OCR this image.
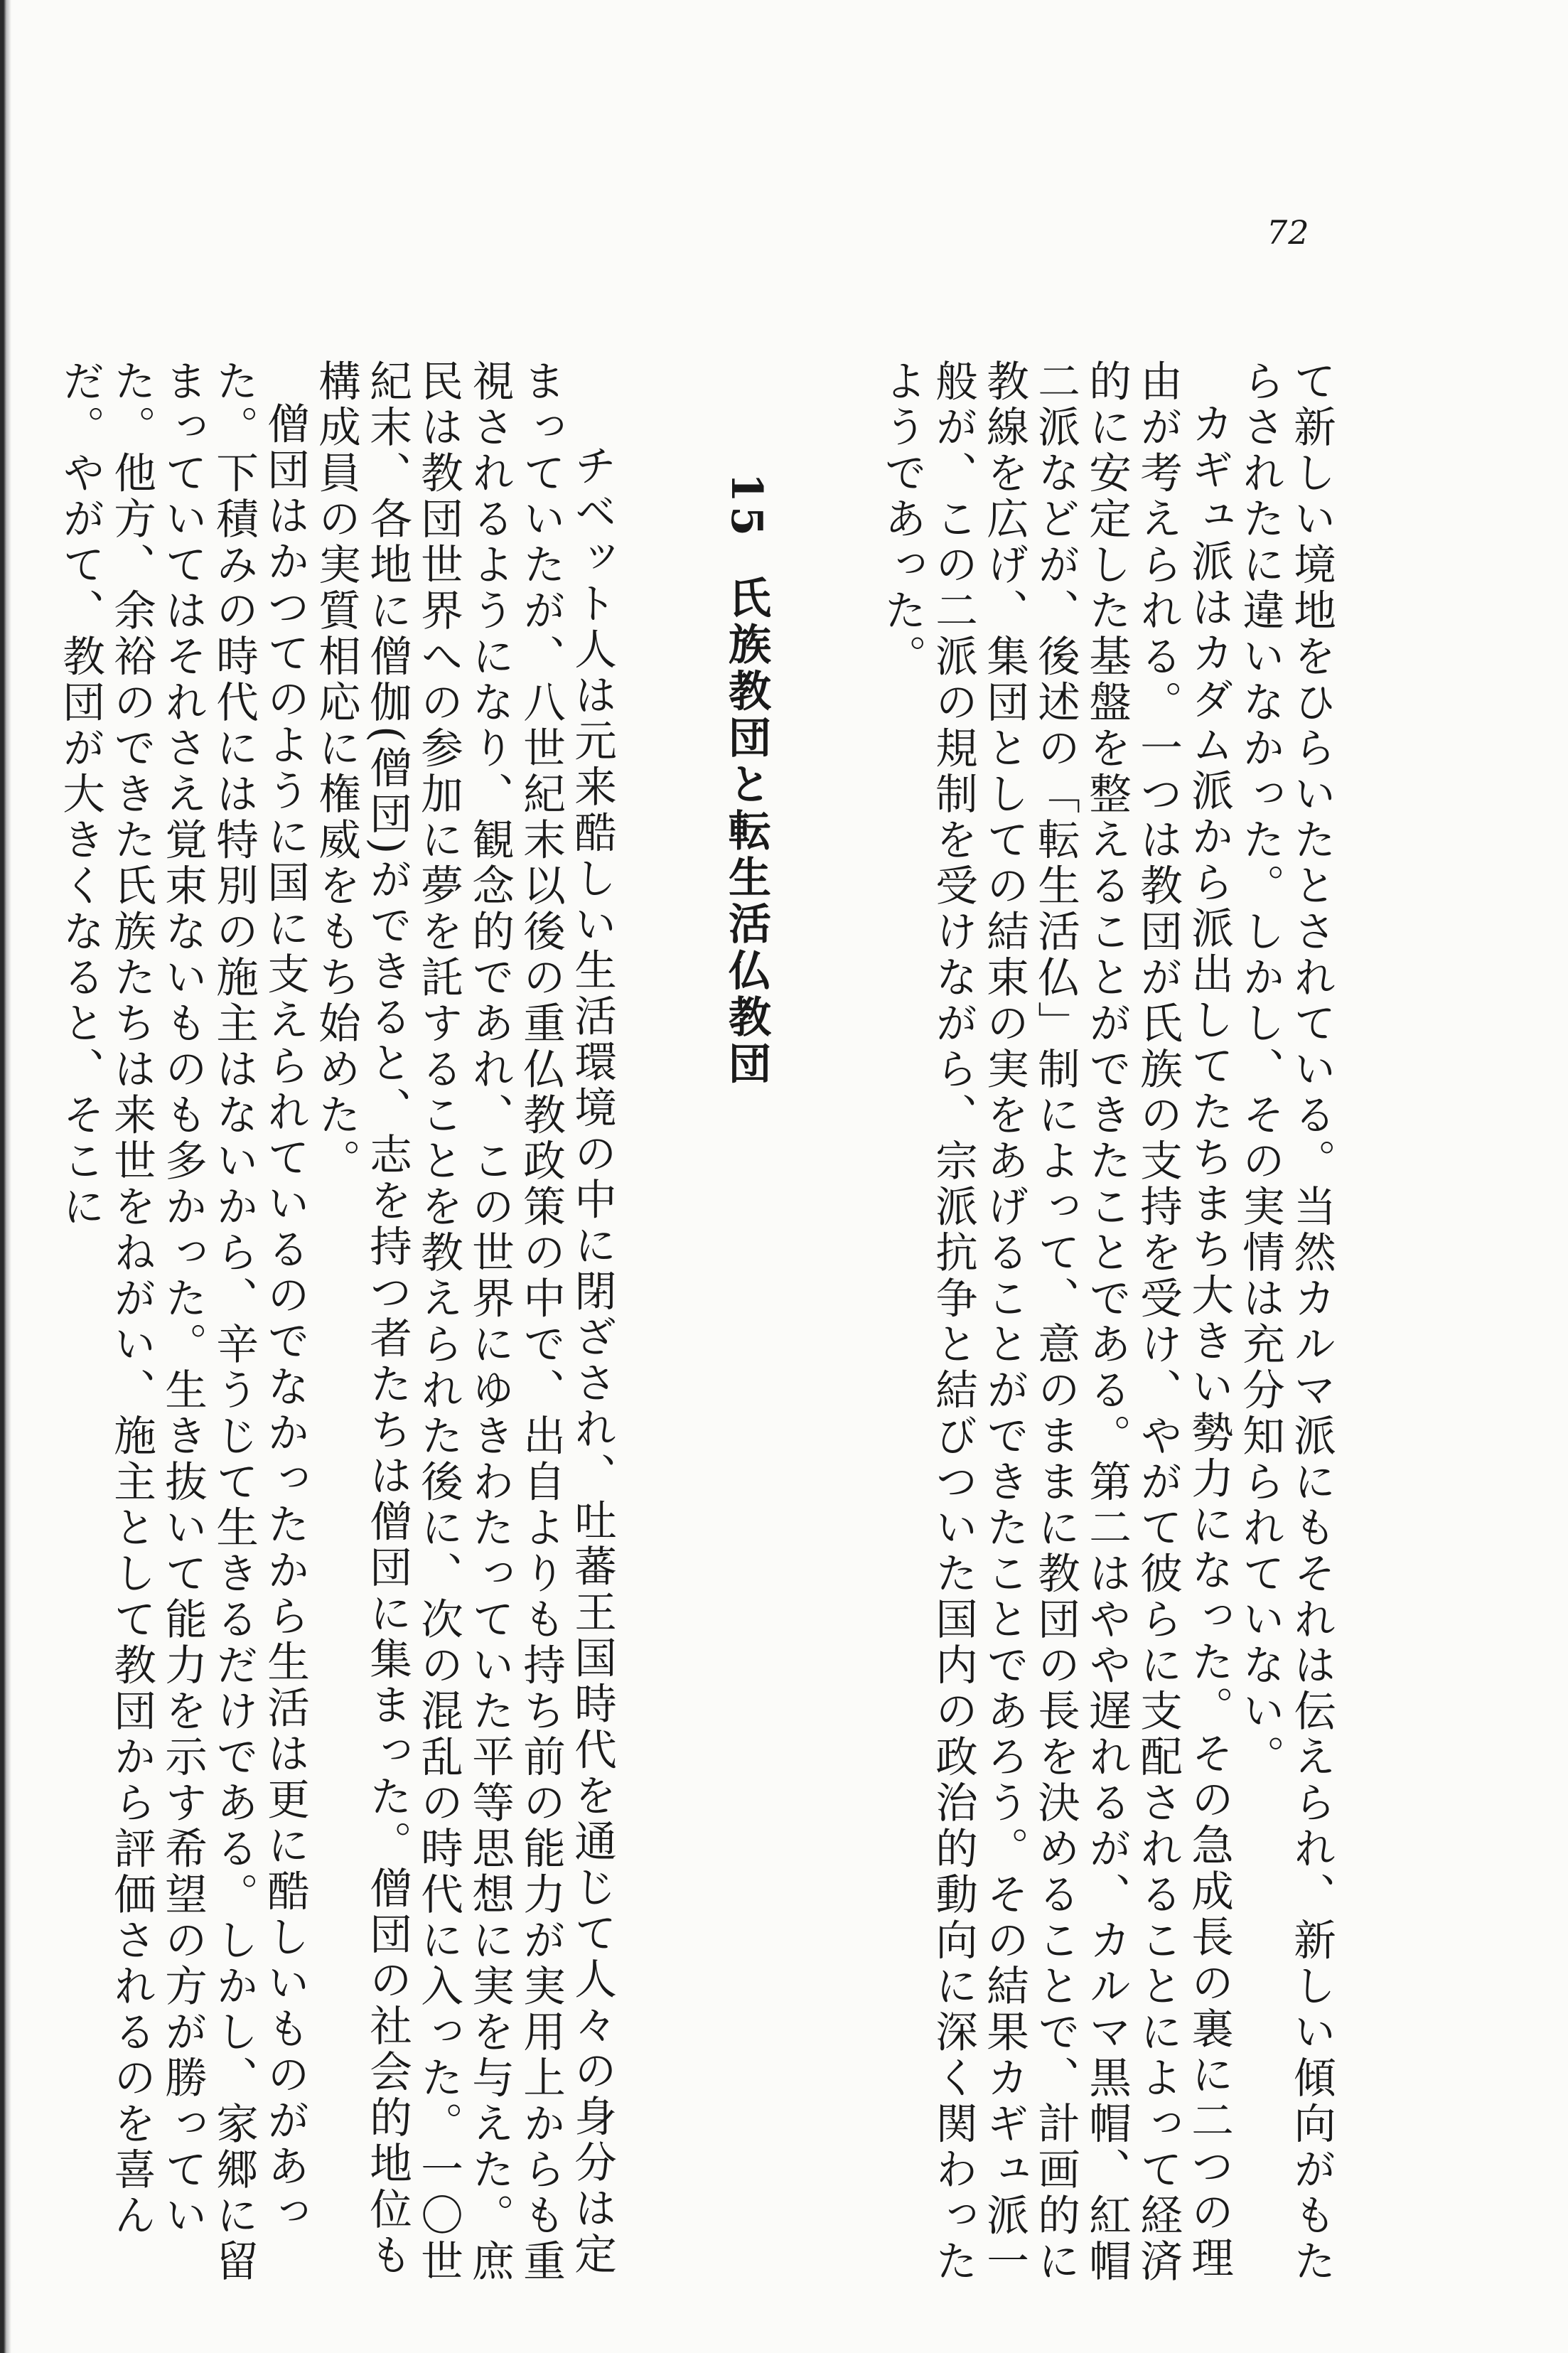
72

て新しい境地をひらいたとされている。当然カルマ派にもそれは伝えられ、新しい傾向がもたらされたに違いなかった。しかし、その実情は充分知られていない。

カギュ派はカダム派から派出してたちまち大きい勢力になった。その急成長の裏に二つの理由が考えられる。一つは教団が氏族の支持を受け、やがて彼らに支配されることによって経済的に安定した基盤を整えることができたことである。第二はやや遅れるが、カルマ黒帽、紅帽二派などが、後述の「転生活仏」制によって、意のままに教団の長を決めることで、計画的に教線を広げ、集団としての結束の実をあげることができたことであろう。その結果カギュ派一般が、この二派の規制を受けながら、宗派抗争と結びついた国内の政治的動向に深く関わったようであった。

15氏族教団と転生活仏教団

チベット人は元来酷しい生活環境の中に閉ざされ、吐蕃王国時代を通じて人々の身分は定まっていたが、八世紀末以後の重仏教政策の中で、出自よりも持ち前の能力が実用上からも重視されるようになり、観念的であれ、この世界にゆきわたっていた平等思想に実を与えた。庶民は教団世界への参加に夢を託することを教えられた後に、次の混乱の時代に入った。一〇世紀末、各地に僧伽(僧団)ができると、志を持つ者たちは僧団に集まった。僧団の社会的地位も構成員の実質相応に権威をもち始めた。

僧団はかつてのように国に支えられているのでなかったから生活は更に酷しいものがあった。下積みの時代には特別の施主はないから、辛うじて生きるだけである。しかし、家郷に留まっていてはそれさえ覚束ないものも多かった。生き抜いて能力を示す希望の方が勝っていた。他方、余裕のできた氏族たちは来世をねがい、施主として教団から評価されるのを喜んだ。やがて、教団が大きくなると、そこに
